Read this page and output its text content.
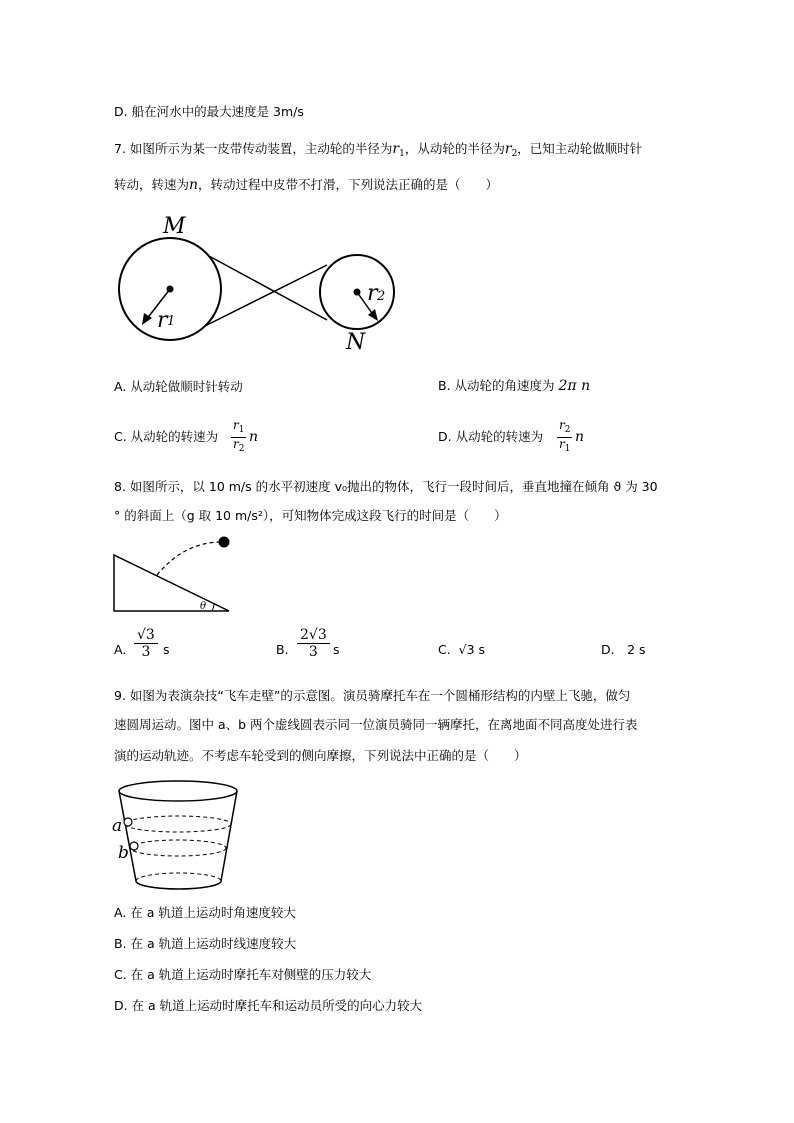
D. 船在河水中的最大速度是 3m/s
7. 如图所示为某一皮带传动装置，主动轮的半径为$r_1$，从动轮的半径为$r_2$，已知主动轮做顺时针
转动，转速为n，转动过程中皮带不打滑，下列说法正确的是（　　）
M
N
r 1
r 2
A. 从动轮做顺时针转动	B. 从动轮的角速度为 2π n
C. 从动轮的转速为 $\frac{r_1}{r_2}$ n	D. 从动轮的转速为 $\frac{r_2}{r_1}$ n
8. 如图所示，以 10 m/s 的水平初速度 v₀抛出的物体，飞行一段时间后，垂直地撞在倾角 ϑ 为 30
° 的斜面上（g 取 10 m/s²），可知物体完成这段飞行的时间是（　　）
θ
A. $\frac{√3}{3}$ s	B. $\frac{2√3}{3}$ s	C. √3 s	D.　2 s
9. 如图为表演杂技“飞车走壁”的示意图。演员骑摩托车在一个圆桶形结构的内壁上飞驰，做匀
速圆周运动。图中 a、b 两个虚线圆表示同一位演员骑同一辆摩托，在离地面不同高度处进行表
演的运动轨迹。不考虑车轮受到的侧向摩擦，下列说法中正确的是（　　）
a
b
A. 在 a 轨道上运动时角速度较大
B. 在 a 轨道上运动时线速度较大
C. 在 a 轨道上运动时摩托车对侧壁的压力较大
D. 在 a 轨道上运动时摩托车和运动员所受的向心力较大
